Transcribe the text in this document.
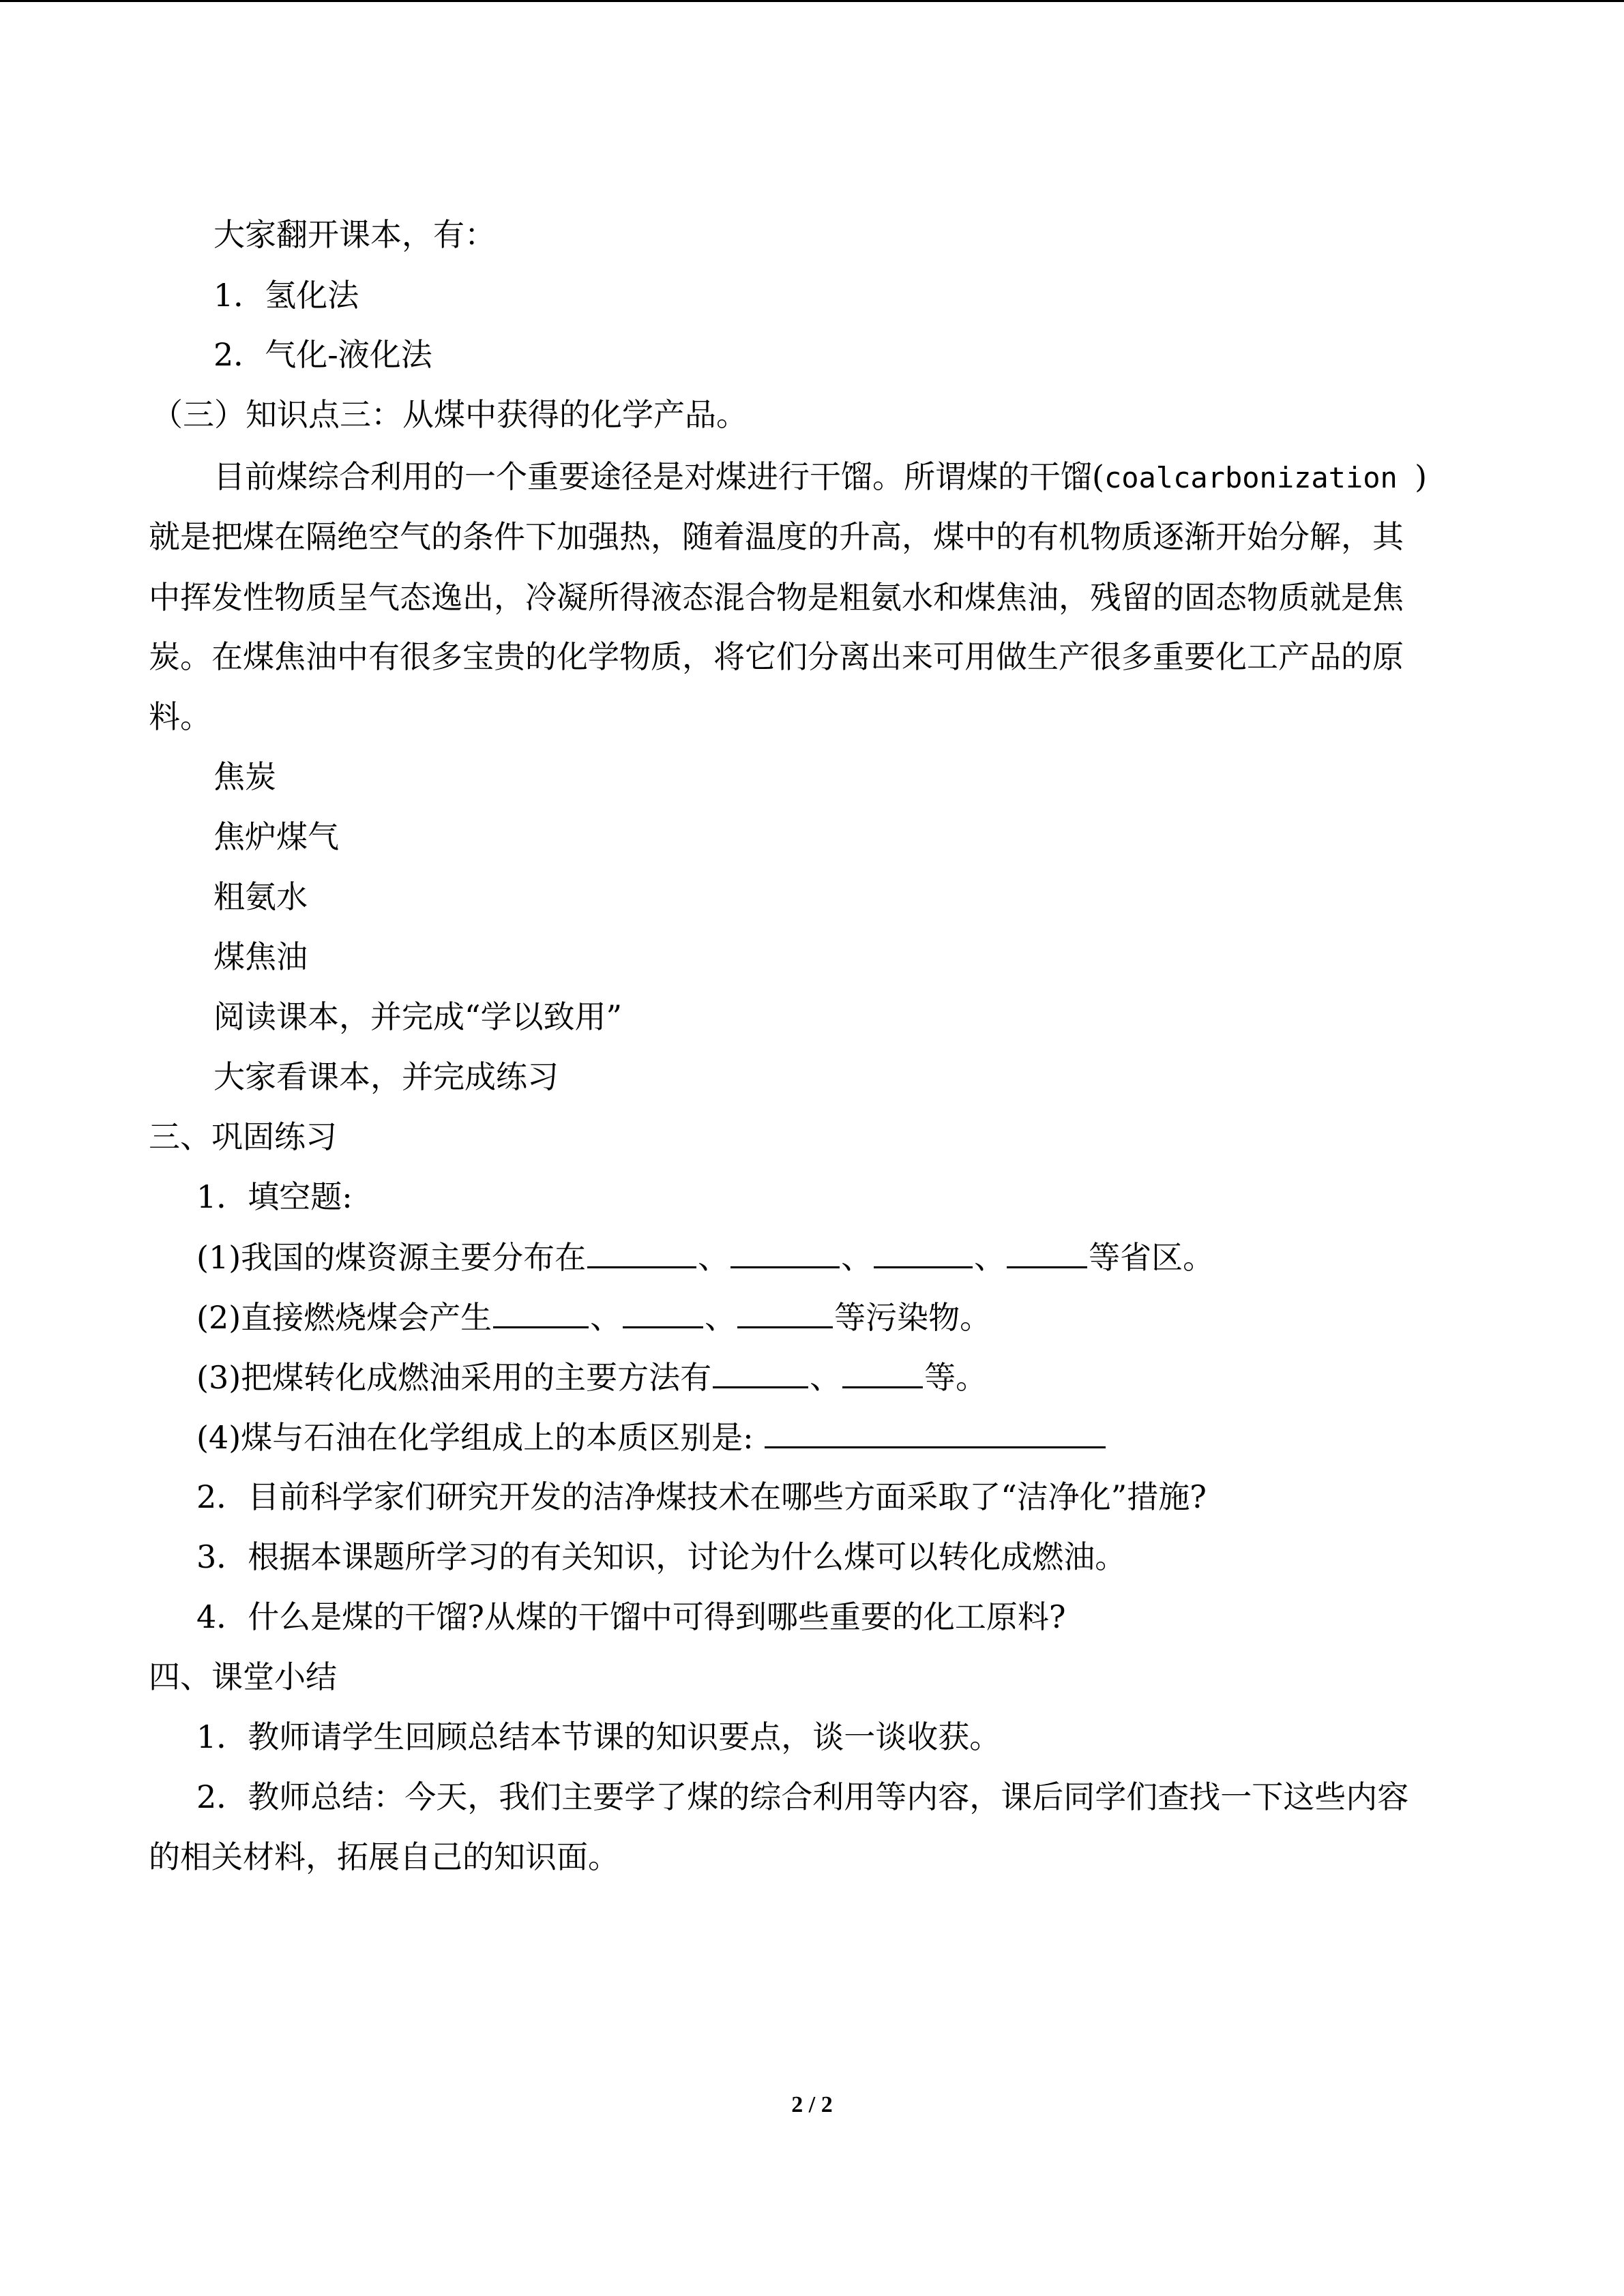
大家翻开课本，有：
1．氢化法
2．气化-液化法
（三）知识点三：从煤中获得的化学产品。
目前煤综合利用的一个重要途径是对煤进行干馏。所谓煤的干馏(coalcarbonization )
就是把煤在隔绝空气的条件下加强热，随着温度的升高，煤中的有机物质逐渐开始分解，其
中挥发性物质呈气态逸出，冷凝所得液态混合物是粗氨水和煤焦油，残留的固态物质就是焦
炭。在煤焦油中有很多宝贵的化学物质，将它们分离出来可用做生产很多重要化工产品的原
料。
焦炭
焦炉煤气
粗氨水
煤焦油
阅读课本，并完成“学以致用”
大家看课本，并完成练习
三、巩固练习
1．填空题:
(1)我国的煤资源主要分布在	、	、	、	等省区。
(2)直接燃烧煤会产生	、	、	等污染物。
(3)把煤转化成燃油采用的主要方法有	、	等。
(4)煤与石油在化学组成上的本质区别是:
2．目前科学家们研究开发的洁净煤技术在哪些方面采取了“洁净化”措施?
3．根据本课题所学习的有关知识，讨论为什么煤可以转化成燃油。
4．什么是煤的干馏?从煤的干馏中可得到哪些重要的化工原料?
四、课堂小结
1．教师请学生回顾总结本节课的知识要点，谈一谈收获。
2．教师总结：今天，我们主要学了煤的综合利用等内容，课后同学们查找一下这些内容
的相关材料，拓展自己的知识面。
2 / 2
